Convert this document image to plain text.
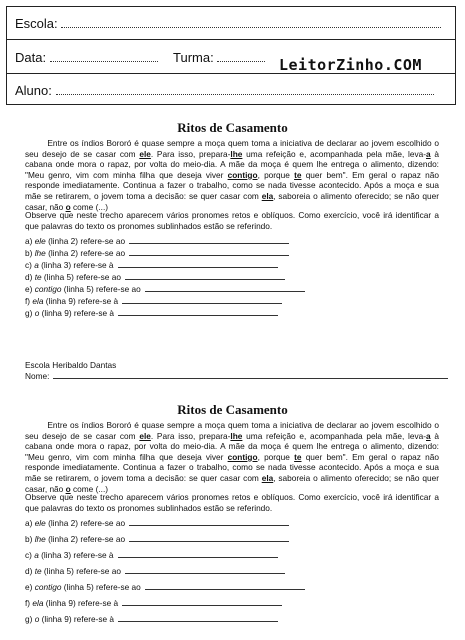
Escola:
Data:	Turma:	LeitorZinho.COM
Aluno:
Ritos de Casamento
Entre os índios Bororó é quase sempre a moça quem toma a iniciativa de declarar ao jovem escolhido o seu desejo de se casar com ele. Para isso, prepara-lhe uma refeição e, acompanhada pela mãe, leva-a à cabana onde mora o rapaz, por volta do meio-dia. A mãe da moça é quem lhe entrega o alimento, dizendo: "Meu genro, vim com minha filha que deseja viver contigo, porque te quer bem". Em geral o rapaz não responde imediatamente. Continua a fazer o trabalho, como se nada tivesse acontecido. Após a moça e sua mãe se retirarem, o jovem toma a decisão: se quer casar com ela, saboreia o alimento oferecido; se não quer casar, não o come (...)
Observe que neste trecho aparecem vários pronomes retos e oblíquos. Como exercício, você irá identificar a que palavras do texto os pronomes sublinhados estão se referindo.
a) ele (linha 2) refere-se ao
b) lhe (linha 2) refere-se ao
c) a (linha 3) refere-se à
d) te (linha 5) refere-se ao
e) contigo (linha 5) refere-se ao
f) ela (linha 9) refere-se à
g) o (linha 9) refere-se à
Escola Heribaldo Dantas
Nome:
Ritos de Casamento
Entre os índios Bororó é quase sempre a moça quem toma a iniciativa de declarar ao jovem escolhido o seu desejo de se casar com ele. Para isso, prepara-lhe uma refeição e, acompanhada pela mãe, leva-a à cabana onde mora o rapaz, por volta do meio-dia. A mãe da moça é quem lhe entrega o alimento, dizendo: "Meu genro, vim com minha filha que deseja viver contigo, porque te quer bem". Em geral o rapaz não responde imediatamente. Continua a fazer o trabalho, como se nada tivesse acontecido. Após a moça e sua mãe se retirarem, o jovem toma a decisão: se quer casar com ela, saboreia o alimento oferecido; se não quer casar, não o come (...)
Observe que neste trecho aparecem vários pronomes retos e oblíquos. Como exercício, você irá identificar a que palavras do texto os pronomes sublinhados estão se referindo.
a) ele (linha 2) refere-se ao
b) lhe (linha 2) refere-se ao
c) a (linha 3) refere-se à
d) te (linha 5) refere-se ao
e) contigo (linha 5) refere-se ao
f) ela (linha 9) refere-se à
g) o (linha 9) refere-se à
